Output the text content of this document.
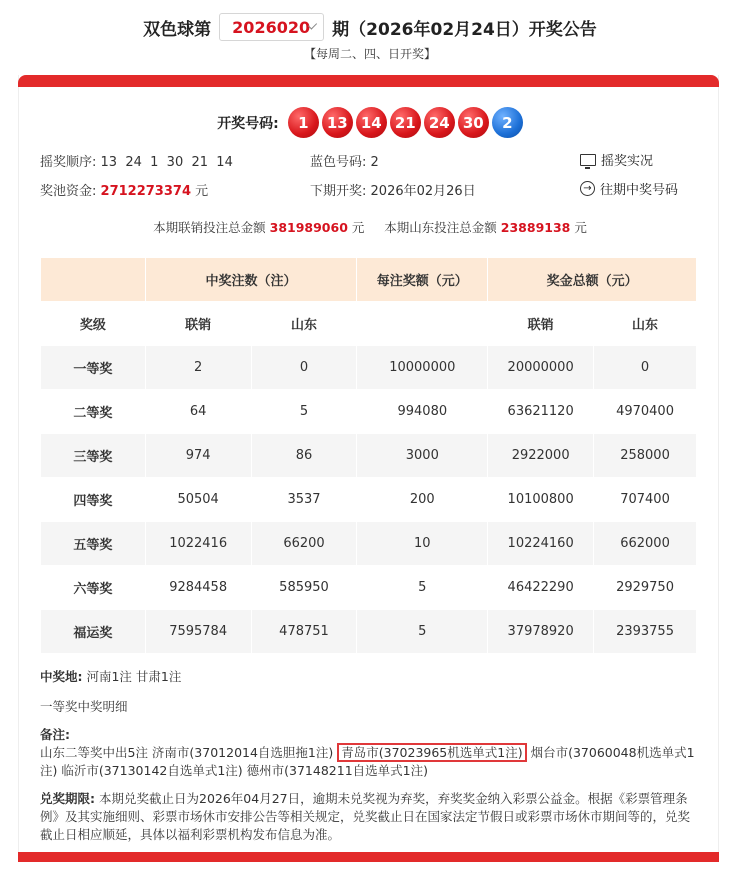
双色球第 2026020 期（2026年02月24日）开奖公告
【每周二、四、日开奖】
开奖号码:	1	13 14 21 24 30	2
摇奖顺序: 13  24  1  30  21  14	蓝色号码: 2	摇奖实况
奖池资金: 2712273374 元	下期开奖: 2026年02月26日	→ 往期中奖号码
本期联销投注总金额 381989060 元 本期山东投注总金额 23889138 元
	中奖注数（注）		每注奖额（元）	奖金总额（元）	
奖级	联销	山东		联销	山东
一等奖	2	0	10000000	20000000	0
二等奖	64	5	994080	63621120	4970400
三等奖	974	86	3000	2922000	258000
四等奖	50504	3537	200	10100800	707400
五等奖	1022416	66200	10	10224160	662000
六等奖	9284458	585950	5	46422290	2929750
福运奖	7595784	478751	5	37978920	2393755
中奖地: 河南1注 甘肃1注
一等奖中奖明细
备注:
山东二等奖中出5注 济南市(37012014自选胆拖1注) 青岛市(37023965机选单式1注) 烟台市(37060048机选单式1注) 临沂市(37130142自选单式1注) 德州市(37148211自选单式1注)
兑奖期限: 本期兑奖截止日为2026年04月27日，逾期未兑奖视为弃奖，弃奖奖金纳入彩票公益金。根据《彩票管理条例》及其实施细则、彩票市场休市安排公告等相关规定，兑奖截止日在国家法定节假日或彩票市场休市期间等的，兑奖截止日相应顺延，具体以福利彩票机构发布信息为准。
